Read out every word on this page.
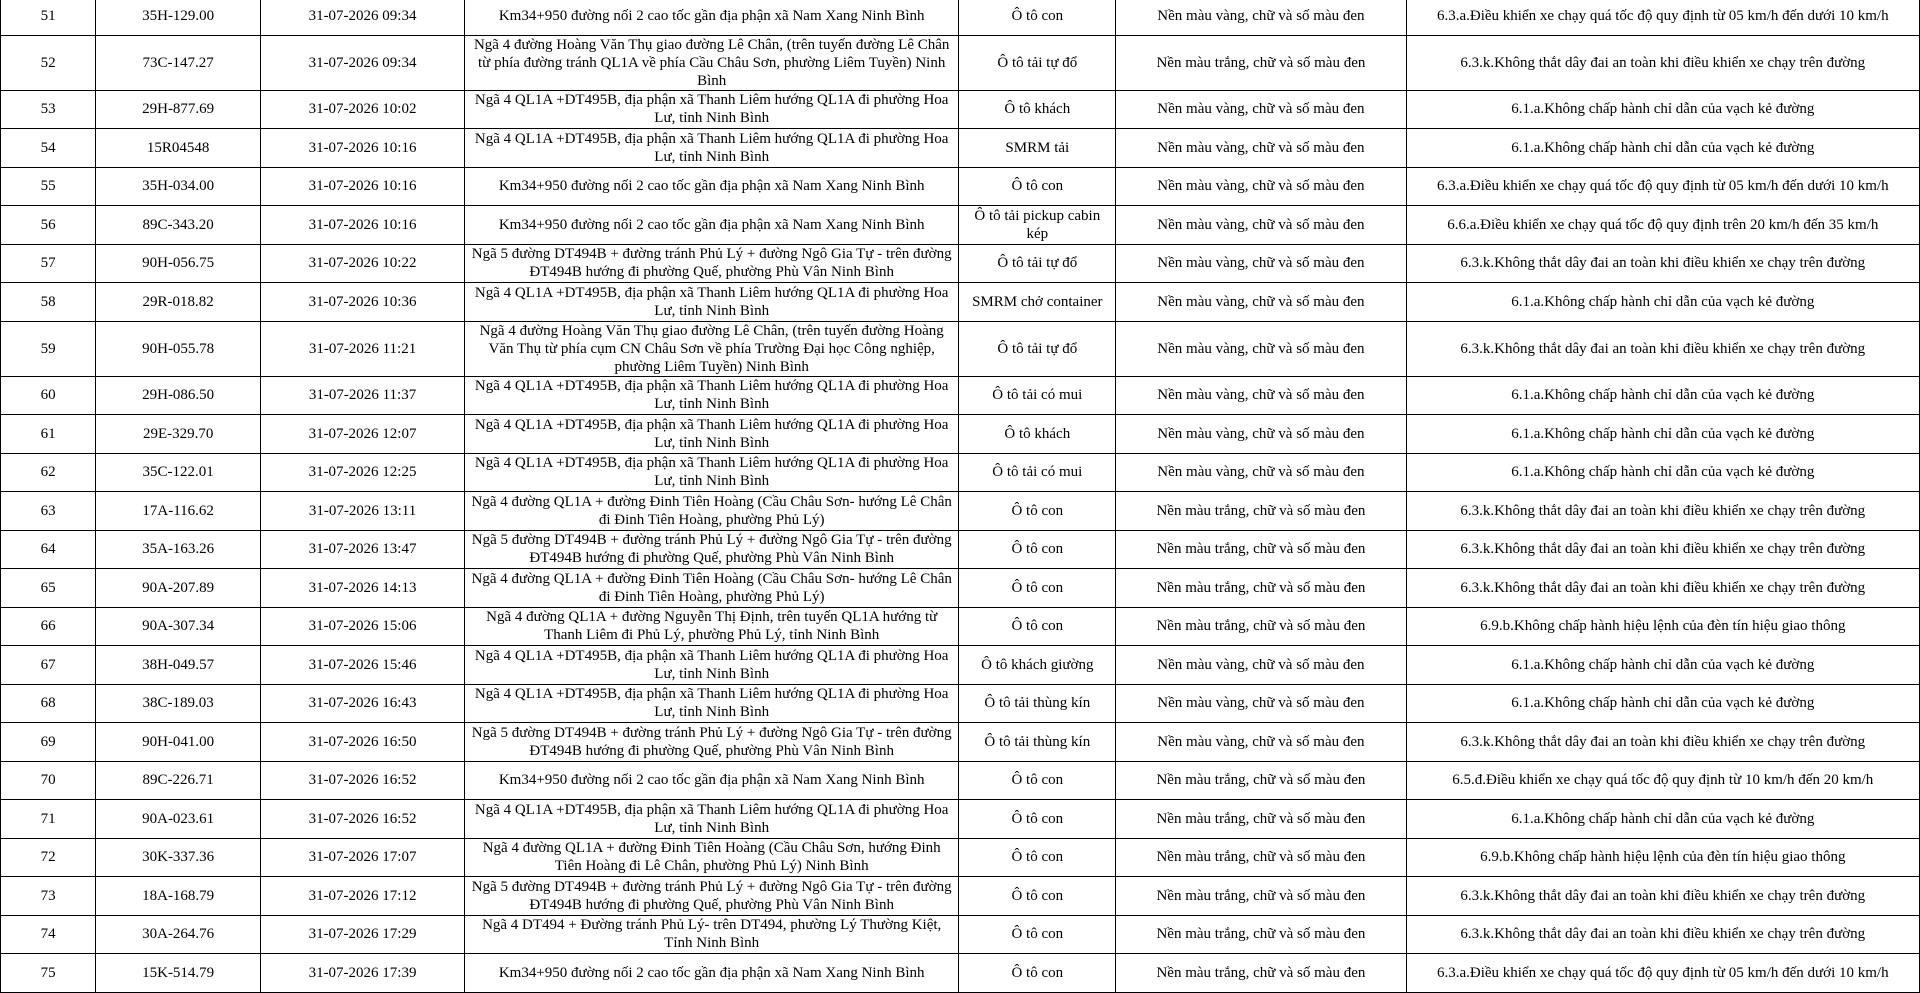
51	35H-129.00	31-07-2026 09:34	Km34+950 đường nối 2 cao tốc gần địa phận xã Nam Xang Ninh Bình	Ô tô con	Nền màu vàng, chữ và số màu đen	6.3.a.Điều khiển xe chạy quá tốc độ quy định từ 05 km/h đến dưới 10 km/h
52	73C-147.27	31-07-2026 09:34	Ngã 4 đường Hoàng Văn Thụ giao đường Lê Chân, (trên tuyến đường Lê Chân từ phía đường tránh QL1A về phía Cầu Châu Sơn, phường Liêm Tuyền) Ninh Bình	Ô tô tải tự đổ	Nền màu trắng, chữ và số màu đen	6.3.k.Không thắt dây đai an toàn khi điều khiển xe chạy trên đường
53	29H-877.69	31-07-2026 10:02	Ngã 4 QL1A +DT495B, địa phận xã Thanh Liêm hướng QL1A đi phường Hoa Lư, tỉnh Ninh Bình	Ô tô khách	Nền màu vàng, chữ và số màu đen	6.1.a.Không chấp hành chỉ dẫn của vạch kẻ đường
54	15R04548	31-07-2026 10:16	Ngã 4 QL1A +DT495B, địa phận xã Thanh Liêm hướng QL1A đi phường Hoa Lư, tỉnh Ninh Bình	SMRM tải	Nền màu vàng, chữ và số màu đen	6.1.a.Không chấp hành chỉ dẫn của vạch kẻ đường
55	35H-034.00	31-07-2026 10:16	Km34+950 đường nối 2 cao tốc gần địa phận xã Nam Xang Ninh Bình	Ô tô con	Nền màu vàng, chữ và số màu đen	6.3.a.Điều khiển xe chạy quá tốc độ quy định từ 05 km/h đến dưới 10 km/h
56	89C-343.20	31-07-2026 10:16	Km34+950 đường nối 2 cao tốc gần địa phận xã Nam Xang Ninh Bình	Ô tô tải pickup cabin kép	Nền màu vàng, chữ và số màu đen	6.6.a.Điều khiển xe chạy quá tốc độ quy định trên 20 km/h đến 35 km/h
57	90H-056.75	31-07-2026 10:22	Ngã 5 đường DT494B + đường tránh Phủ Lý + đường Ngô Gia Tự - trên đường ĐT494B hướng đi phường Quế, phường Phù Vân Ninh Bình	Ô tô tải tự đổ	Nền màu vàng, chữ và số màu đen	6.3.k.Không thắt dây đai an toàn khi điều khiển xe chạy trên đường
58	29R-018.82	31-07-2026 10:36	Ngã 4 QL1A +DT495B, địa phận xã Thanh Liêm hướng QL1A đi phường Hoa Lư, tỉnh Ninh Bình	SMRM chở container	Nền màu vàng, chữ và số màu đen	6.1.a.Không chấp hành chỉ dẫn của vạch kẻ đường
59	90H-055.78	31-07-2026 11:21	Ngã 4 đường Hoàng Văn Thụ giao đường Lê Chân, (trên tuyến đường Hoàng Văn Thụ từ phía cụm CN Châu Sơn về phía Trường Đại học Công nghiệp, phường Liêm Tuyền) Ninh Bình	Ô tô tải tự đổ	Nền màu vàng, chữ và số màu đen	6.3.k.Không thắt dây đai an toàn khi điều khiển xe chạy trên đường
60	29H-086.50	31-07-2026 11:37	Ngã 4 QL1A +DT495B, địa phận xã Thanh Liêm hướng QL1A đi phường Hoa Lư, tỉnh Ninh Bình	Ô tô tải có mui	Nền màu vàng, chữ và số màu đen	6.1.a.Không chấp hành chỉ dẫn của vạch kẻ đường
61	29E-329.70	31-07-2026 12:07	Ngã 4 QL1A +DT495B, địa phận xã Thanh Liêm hướng QL1A đi phường Hoa Lư, tỉnh Ninh Bình	Ô tô khách	Nền màu vàng, chữ và số màu đen	6.1.a.Không chấp hành chỉ dẫn của vạch kẻ đường
62	35C-122.01	31-07-2026 12:25	Ngã 4 QL1A +DT495B, địa phận xã Thanh Liêm hướng QL1A đi phường Hoa Lư, tỉnh Ninh Bình	Ô tô tải có mui	Nền màu vàng, chữ và số màu đen	6.1.a.Không chấp hành chỉ dẫn của vạch kẻ đường
63	17A-116.62	31-07-2026 13:11	Ngã 4 đường QL1A + đường Đinh Tiên Hoàng (Cầu Châu Sơn- hướng Lê Chân đi Đinh Tiên Hoàng, phường Phủ Lý)	Ô tô con	Nền màu trắng, chữ và số màu đen	6.3.k.Không thắt dây đai an toàn khi điều khiển xe chạy trên đường
64	35A-163.26	31-07-2026 13:47	Ngã 5 đường DT494B + đường tránh Phủ Lý + đường Ngô Gia Tự - trên đường ĐT494B hướng đi phường Quế, phường Phù Vân Ninh Bình	Ô tô con	Nền màu trắng, chữ và số màu đen	6.3.k.Không thắt dây đai an toàn khi điều khiển xe chạy trên đường
65	90A-207.89	31-07-2026 14:13	Ngã 4 đường QL1A + đường Đinh Tiên Hoàng (Cầu Châu Sơn- hướng Lê Chân đi Đinh Tiên Hoàng, phường Phủ Lý)	Ô tô con	Nền màu trắng, chữ và số màu đen	6.3.k.Không thắt dây đai an toàn khi điều khiển xe chạy trên đường
66	90A-307.34	31-07-2026 15:06	Ngã 4 đường QL1A + đường Nguyễn Thị Định, trên tuyến QL1A hướng từ Thanh Liêm đi Phủ Lý, phường Phủ Lý, tỉnh Ninh Bình	Ô tô con	Nền màu trắng, chữ và số màu đen	6.9.b.Không chấp hành hiệu lệnh của đèn tín hiệu giao thông
67	38H-049.57	31-07-2026 15:46	Ngã 4 QL1A +DT495B, địa phận xã Thanh Liêm hướng QL1A đi phường Hoa Lư, tỉnh Ninh Bình	Ô tô khách giường	Nền màu vàng, chữ và số màu đen	6.1.a.Không chấp hành chỉ dẫn của vạch kẻ đường
68	38C-189.03	31-07-2026 16:43	Ngã 4 QL1A +DT495B, địa phận xã Thanh Liêm hướng QL1A đi phường Hoa Lư, tỉnh Ninh Bình	Ô tô tải thùng kín	Nền màu vàng, chữ và số màu đen	6.1.a.Không chấp hành chỉ dẫn của vạch kẻ đường
69	90H-041.00	31-07-2026 16:50	Ngã 5 đường DT494B + đường tránh Phủ Lý + đường Ngô Gia Tự - trên đường ĐT494B hướng đi phường Quế, phường Phù Vân Ninh Bình	Ô tô tải thùng kín	Nền màu vàng, chữ và số màu đen	6.3.k.Không thắt dây đai an toàn khi điều khiển xe chạy trên đường
70	89C-226.71	31-07-2026 16:52	Km34+950 đường nối 2 cao tốc gần địa phận xã Nam Xang Ninh Bình	Ô tô con	Nền màu trắng, chữ và số màu đen	6.5.đ.Điều khiển xe chạy quá tốc độ quy định từ 10 km/h đến 20 km/h
71	90A-023.61	31-07-2026 16:52	Ngã 4 QL1A +DT495B, địa phận xã Thanh Liêm hướng QL1A đi phường Hoa Lư, tỉnh Ninh Bình	Ô tô con	Nền màu trắng, chữ và số màu đen	6.1.a.Không chấp hành chỉ dẫn của vạch kẻ đường
72	30K-337.36	31-07-2026 17:07	Ngã 4 đường QL1A + đường Đinh Tiên Hoàng (Cầu Châu Sơn, hướng Đinh Tiên Hoàng đi Lê Chân, phường Phủ Lý) Ninh Bình	Ô tô con	Nền màu trắng, chữ và số màu đen	6.9.b.Không chấp hành hiệu lệnh của đèn tín hiệu giao thông
73	18A-168.79	31-07-2026 17:12	Ngã 5 đường DT494B + đường tránh Phủ Lý + đường Ngô Gia Tự - trên đường ĐT494B hướng đi phường Quế, phường Phù Vân Ninh Bình	Ô tô con	Nền màu trắng, chữ và số màu đen	6.3.k.Không thắt dây đai an toàn khi điều khiển xe chạy trên đường
74	30A-264.76	31-07-2026 17:29	Ngã 4 DT494 + Đường tránh Phủ Lý- trên DT494, phường Lý Thường Kiệt, Tỉnh Ninh Bình	Ô tô con	Nền màu trắng, chữ và số màu đen	6.3.k.Không thắt dây đai an toàn khi điều khiển xe chạy trên đường
75	15K-514.79	31-07-2026 17:39	Km34+950 đường nối 2 cao tốc gần địa phận xã Nam Xang Ninh Bình	Ô tô con	Nền màu trắng, chữ và số màu đen	6.3.a.Điều khiển xe chạy quá tốc độ quy định từ 05 km/h đến dưới 10 km/h
